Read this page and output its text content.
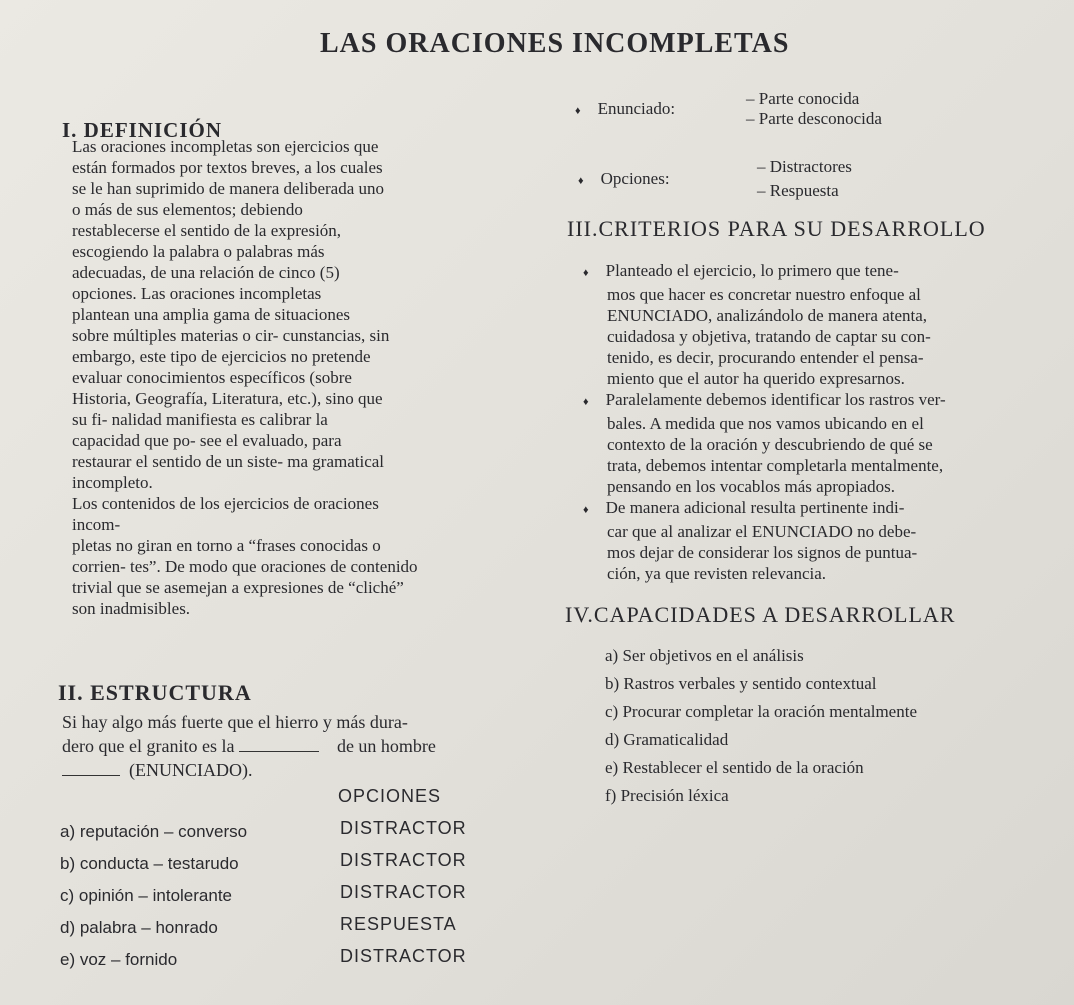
LAS ORACIONES INCOMPLETAS
I. DEFINICIÓN
Las oraciones incompletas son ejercicios que
están formados por textos breves, a los cuales
se le han suprimido de manera deliberada uno
o más de sus elementos; debiendo
restablecerse el sentido de la expresión,
escogiendo la palabra o palabras más
adecuadas, de una relación de cinco (5)
opciones. Las oraciones incompletas
plantean una amplia gama de situaciones
sobre múltiples materias o cir- cunstancias, sin
embargo, este tipo de ejercicios no pretende
evaluar conocimientos específicos (sobre
Historia, Geografía, Literatura, etc.), sino que
su fi- nalidad manifiesta es calibrar la
capacidad que po- see el evaluado, para
restaurar el sentido de un siste- ma gramatical
incompleto.
Los contenidos de los ejercicios de oraciones
incom-
pletas no giran en torno a “frases conocidas o
corrien- tes”. De modo que oraciones de contenido
trivial que se asemejan a expresiones de “cliché”
son inadmisibles.
♦ Enunciado:
– Parte conocida
– Parte desconocida
♦ Opciones:
– Distractores
– Respuesta
III.CRITERIOS PARA SU DESARROLLO
♦ Planteado el ejercicio, lo primero que tene-
mos que hacer es concretar nuestro enfoque al
ENUNCIADO, analizándolo de manera atenta,
cuidadosa y objetiva, tratando de captar su con-
tenido, es decir, procurando entender el pensa-
miento que el autor ha querido expresarnos.
♦ Paralelamente debemos identificar los rastros ver-
bales. A medida que nos vamos ubicando en el
contexto de la oración y descubriendo de qué se
trata, debemos intentar completarla mentalmente,
pensando en los vocablos más apropiados.
♦ De manera adicional resulta pertinente indi-
car que al analizar el ENUNCIADO no debe-
mos dejar de considerar los signos de puntua-
ción, ya que revisten relevancia.
IV.CAPACIDADES A DESARROLLAR
a) Ser objetivos en el análisis
b) Rastros verbales y sentido contextual
c) Procurar completar la oración mentalmente
d) Gramaticalidad
e) Restablecer el sentido de la oración
f) Precisión léxica
II. ESTRUCTURA
Si hay algo más fuerte que el hierro y más dura-
dero que el granito es la	de un hombre
(ENUNCIADO).
OPCIONES
a) reputación – converso
b) conducta – testarudo
c) opinión – intolerante
d) palabra – honrado
e) voz – fornido
DISTRACTOR
DISTRACTOR
DISTRACTOR
RESPUESTA
DISTRACTOR
